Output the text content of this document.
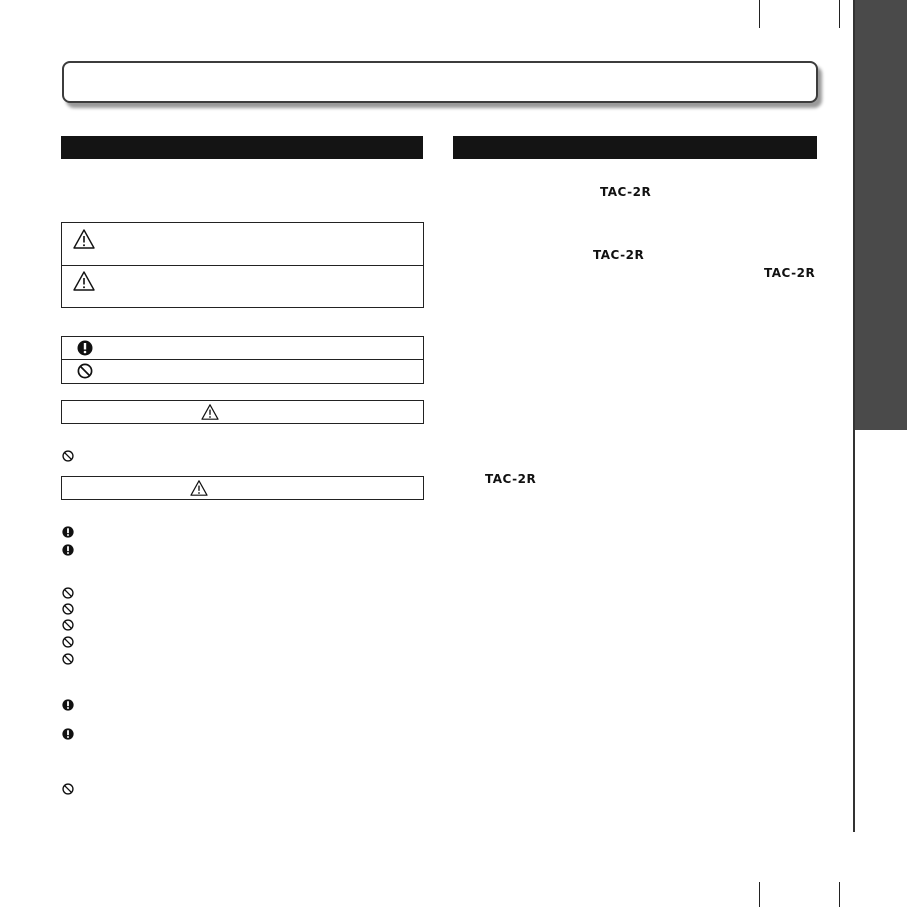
TAC-2R
TAC-2R
TAC-2R
TAC-2R
